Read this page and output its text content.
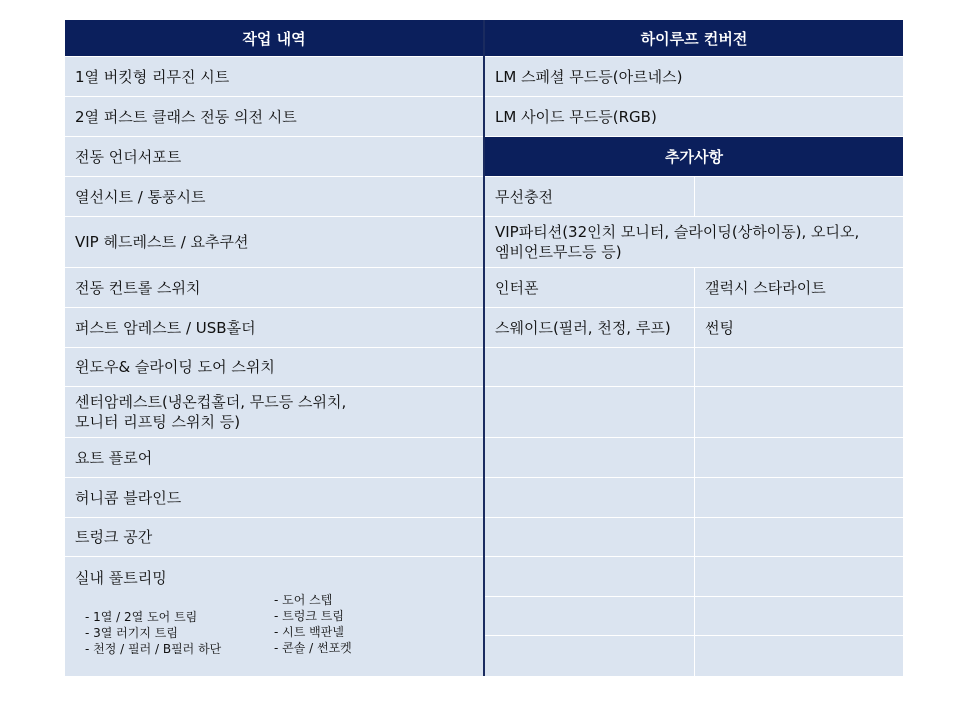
작업 내역
1열 버킷형 리무진 시트
2열 퍼스트 클래스 전동 의전 시트
전동 언더서포트
열선시트 / 통풍시트
VIP 헤드레스트 / 요추쿠션
전동 컨트롤 스위치
퍼스트 암레스트 / USB홀더
윈도우& 슬라이딩 도어 스위치
센터암레스트(냉온컵홀더, 무드등 스위치,
모니터 리프팅 스위치 등)
요트 플로어
허니콤 블라인드
트렁크 공간
실내 풀트리밍
- 1열 / 2열 도어 트림
- 3열 러기지 트림
- 천정 / 필러 / B필러 하단
- 도어 스텝
- 트렁크 트림
- 시트 백판넬
- 콘솔 / 썬포켓
하이루프 컨버전
LM 스페셜 무드등(아르네스)
LM 사이드 무드등(RGB)
추가사항
무선충전
VIP파티션(32인치 모니터, 슬라이딩(상하이동), 오디오,
엠비언트무드등 등)
인터폰	갤럭시 스타라이트
스웨이드(필러, 천정, 루프) 썬팅
